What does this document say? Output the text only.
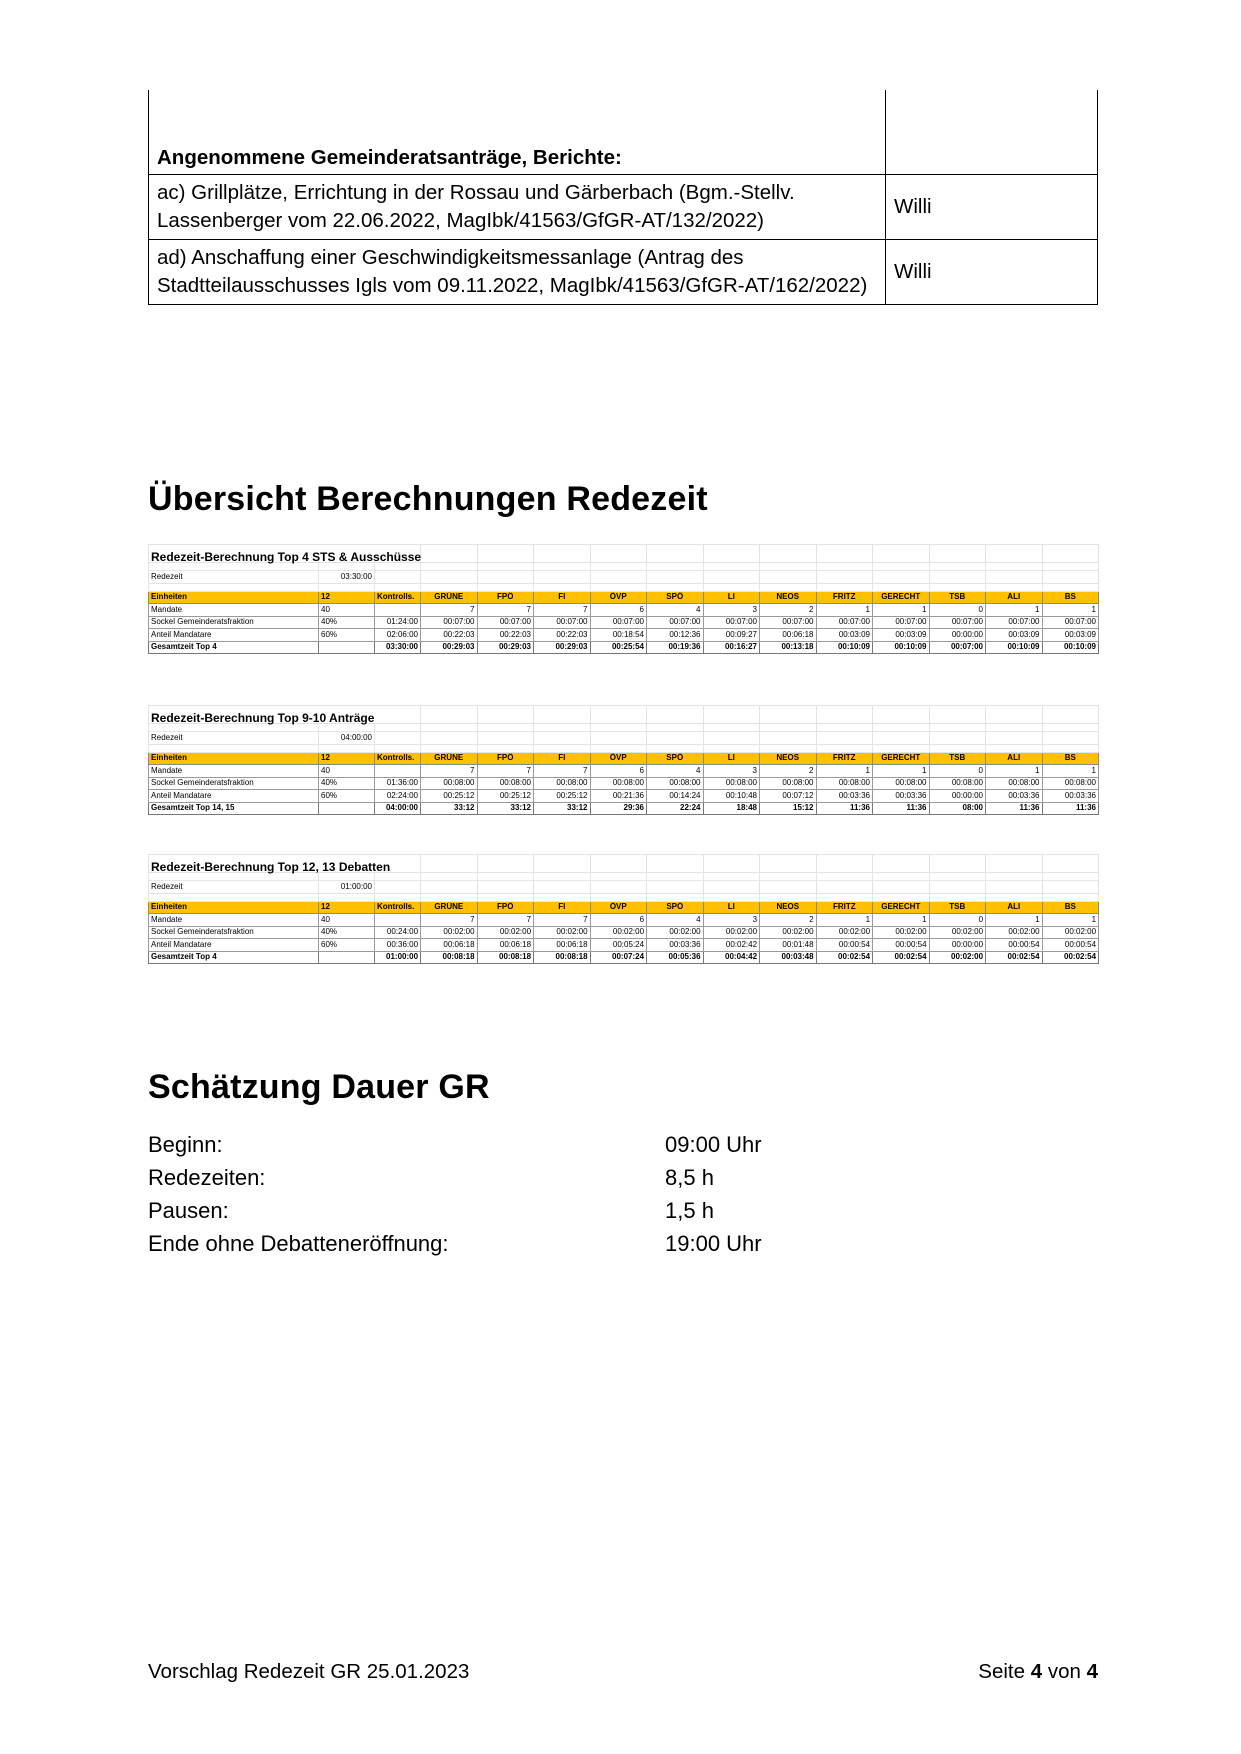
Angenommene Gemeinderatsanträge, Berichte:	
ac) Grillplätze, Errichtung in der Rossau und Gärberbach (Bgm.-Stellv. Lassenberger vom 22.06.2022, MagIbk/41563/GfGR-AT/132/2022)	Willi
ad) Anschaffung einer Geschwindigkeitsmessanlage (Antrag des Stadtteilausschusses Igls vom 09.11.2022, MagIbk/41563/GfGR-AT/162/2022)	Willi
Übersicht Berechnungen Redezeit
Redezeit-Berechnung Top 4 STS & Ausschüsse														

Redezeit	03:30:00													

Einheiten	12	Kontrolls.	GRÜNE	FPÖ	FI	ÖVP	SPÖ	LI	NEOS	FRITZ	GERECHT	TSB	ALI	BS
Mandate	40		7	7	7	6	4	3	2	1	1	0	1	1
Sockel Gemeinderatsfraktion	40%	01:24:00	00:07:00	00:07:00	00:07:00	00:07:00	00:07:00	00:07:00	00:07:00	00:07:00	00:07:00	00:07:00	00:07:00	00:07:00
Anteil Mandatare	60%	02:06:00	00:22:03	00:22:03	00:22:03	00:18:54	00:12:36	00:09:27	00:06:18	00:03:09	00:03:09	00:00:00	00:03:09	00:03:09
Gesamtzeit Top 4		03:30:00	00:29:03	00:29:03	00:29:03	00:25:54	00:19:36	00:16:27	00:13:18	00:10:09	00:10:09	00:07:00	00:10:09	00:10:09
Redezeit-Berechnung Top 9-10 Anträge														

Redezeit	04:00:00													

Einheiten	12	Kontrolls.	GRÜNE	FPÖ	FI	ÖVP	SPÖ	LI	NEOS	FRITZ	GERECHT	TSB	ALI	BS
Mandate	40		7	7	7	6	4	3	2	1	1	0	1	1
Sockel Gemeinderatsfraktion	40%	01:36:00	00:08:00	00:08:00	00:08:00	00:08:00	00:08:00	00:08:00	00:08:00	00:08:00	00:08:00	00:08:00	00:08:00	00:08:00
Anteil Mandatare	60%	02:24:00	00:25:12	00:25:12	00:25:12	00:21:36	00:14:24	00:10:48	00:07:12	00:03:36	00:03:36	00:00:00	00:03:36	00:03:36
Gesamtzeit Top 14, 15		04:00:00	33:12	33:12	33:12	29:36	22:24	18:48	15:12	11:36	11:36	08:00	11:36	11:36
Redezeit-Berechnung Top 12, 13 Debatten														

Redezeit	01:00:00													

Einheiten	12	Kontrolls.	GRÜNE	FPÖ	FI	ÖVP	SPÖ	LI	NEOS	FRITZ	GERECHT	TSB	ALI	BS
Mandate	40		7	7	7	6	4	3	2	1	1	0	1	1
Sockel Gemeinderatsfraktion	40%	00:24:00	00:02:00	00:02:00	00:02:00	00:02:00	00:02:00	00:02:00	00:02:00	00:02:00	00:02:00	00:02:00	00:02:00	00:02:00
Anteil Mandatare	60%	00:36:00	00:06:18	00:06:18	00:06:18	00:05:24	00:03:36	00:02:42	00:01:48	00:00:54	00:00:54	00:00:00	00:00:54	00:00:54
Gesamtzeit Top 4		01:00:00	00:08:18	00:08:18	00:08:18	00:07:24	00:05:36	00:04:42	00:03:48	00:02:54	00:02:54	00:02:00	00:02:54	00:02:54
Schätzung Dauer GR
Beginn:	09:00 Uhr
Redezeiten:	8,5 h
Pausen:	1,5 h
Ende ohne Debatteneröffnung:	19:00 Uhr
Vorschlag Redezeit GR 25.01.2023	Seite 4 von 4
